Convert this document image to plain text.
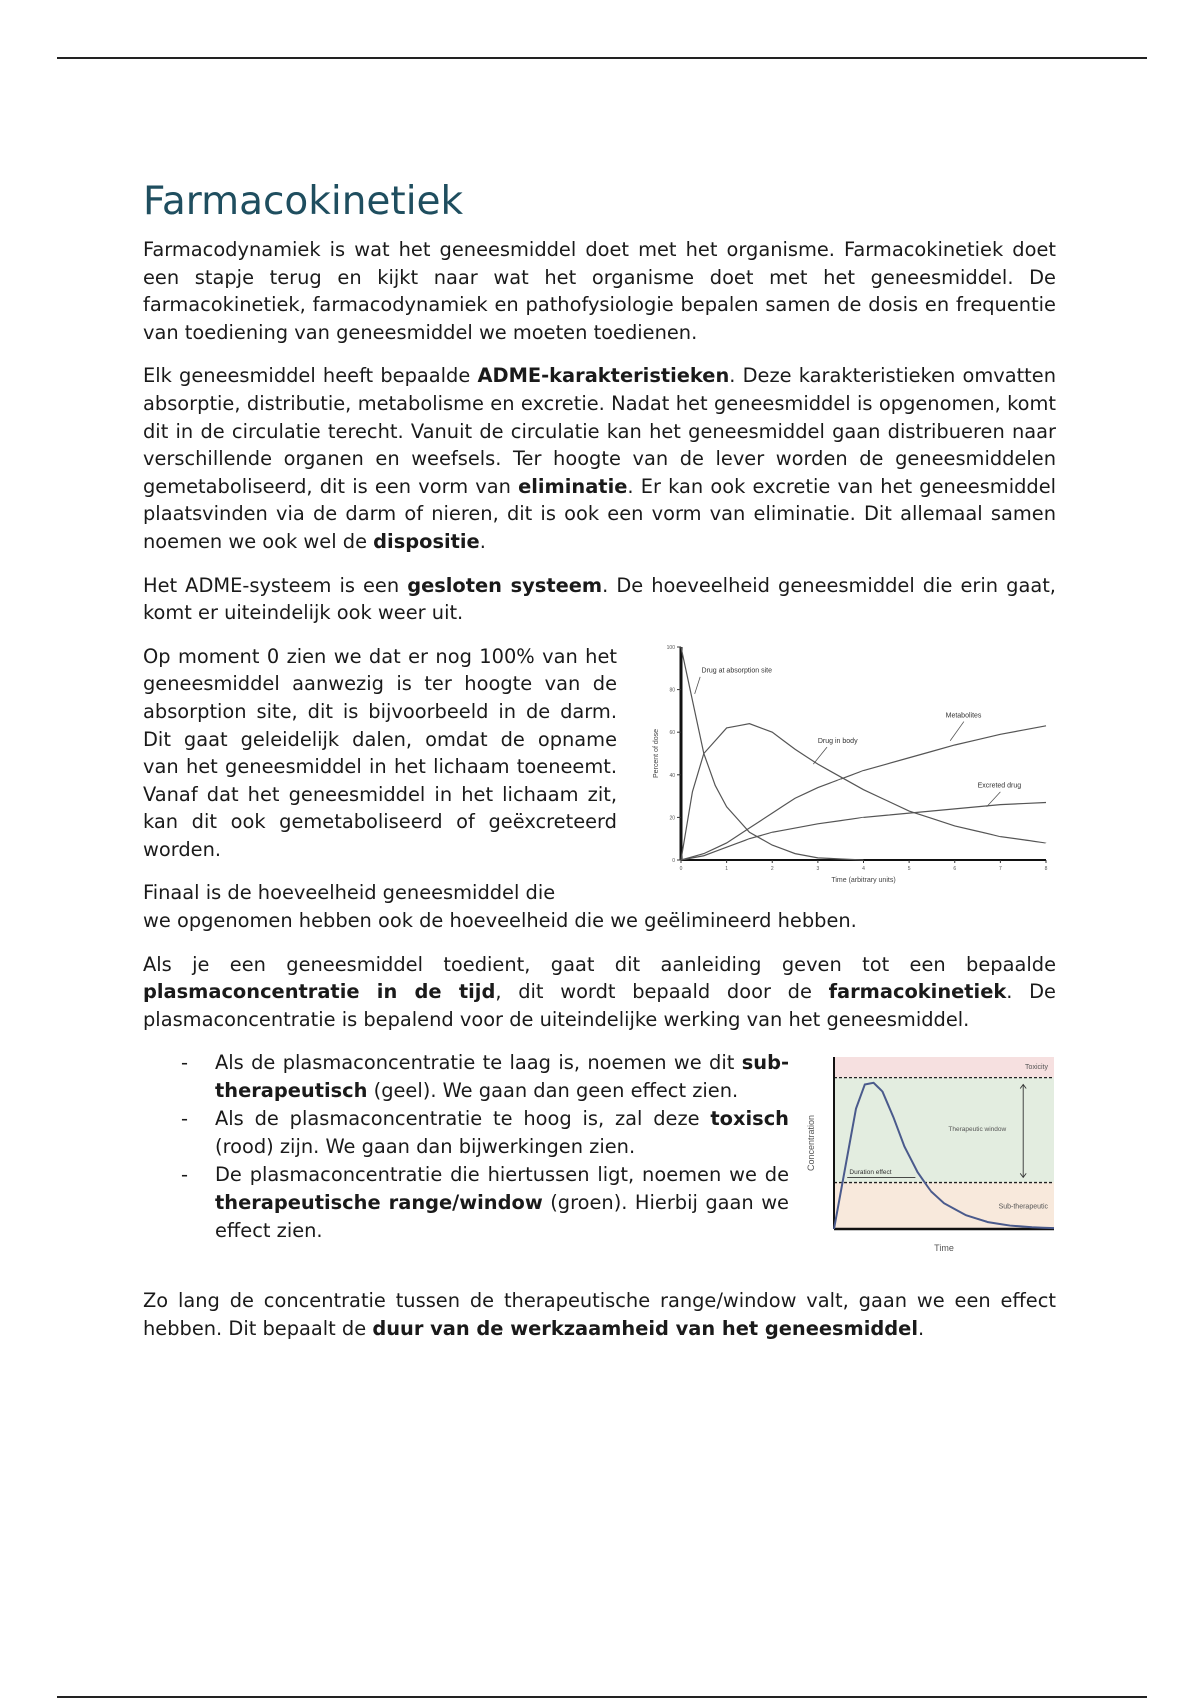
Farmacokinetiek

Farmacodynamiek is wat het geneesmiddel doet met het organisme. Farmacokinetiek doet een stapje terug en kijkt naar wat het organisme doet met het geneesmiddel. De farmacokinetiek, farmacodynamiek en pathofysiologie bepalen samen de dosis en frequentie van toediening van geneesmiddel we moeten toedienen.

Elk geneesmiddel heeft bepaalde ADME-karakteristieken. Deze karakteristieken omvatten absorptie, distributie, metabolisme en excretie. Nadat het geneesmiddel is opgenomen, komt dit in de circulatie terecht. Vanuit de circulatie kan het geneesmiddel gaan distribueren naar verschillende organen en weefsels. Ter hoogte van de lever worden de geneesmiddelen gemetaboliseerd, dit is een vorm van eliminatie. Er kan ook excretie van het geneesmiddel plaatsvinden via de darm of nieren, dit is ook een vorm van eliminatie. Dit allemaal samen noemen we ook wel de dispositie.

Het ADME-systeem is een gesloten systeem. De hoeveelheid geneesmiddel die erin gaat, komt er uiteindelijk ook weer uit.

Op moment 0 zien we dat er nog 100% van het geneesmiddel aanwezig is ter hoogte van de absorption site, dit is bijvoorbeeld in de darm. Dit gaat geleidelijk dalen, omdat de opname van het geneesmiddel in het lichaam toeneemt. Vanaf dat het geneesmiddel in het lichaam zit, kan dit ook gemetaboliseerd of geëxcreteerd worden.

Finaal is de hoeveelheid geneesmiddel die

0
20
40
60
80
100
0	1	2	3	4	5	6	7	8
Time (arbitrary units)
Percent of dose
Drug at absorption site
Drug in body
Metabolites
Excreted drug

we opgenomen hebben ook de hoeveelheid die we geëlimineerd hebben.

Als je een geneesmiddel toedient, gaat dit aanleiding geven tot een bepaalde plasmaconcentratie in de tijd, dit wordt bepaald door de farmacokinetiek. De plasmaconcentratie is bepalend voor de uiteindelijke werking van het geneesmiddel.

- Als de plasmaconcentratie te laag is, noemen we dit sub-therapeutisch (geel). We gaan dan geen effect zien.
- Als de plasmaconcentratie te hoog is, zal deze toxisch (rood) zijn. We gaan dan bijwerkingen zien.
- De plasmaconcentratie die hiertussen ligt, noemen we de therapeutische range/window (groen). Hierbij gaan we effect zien.
Toxicity
Therapeutic window
Duration effect
Sub-therapeutic
Time
Concentration

Zo lang de concentratie tussen de therapeutische range/window valt, gaan we een effect hebben. Dit bepaalt de duur van de werkzaamheid van het geneesmiddel.
